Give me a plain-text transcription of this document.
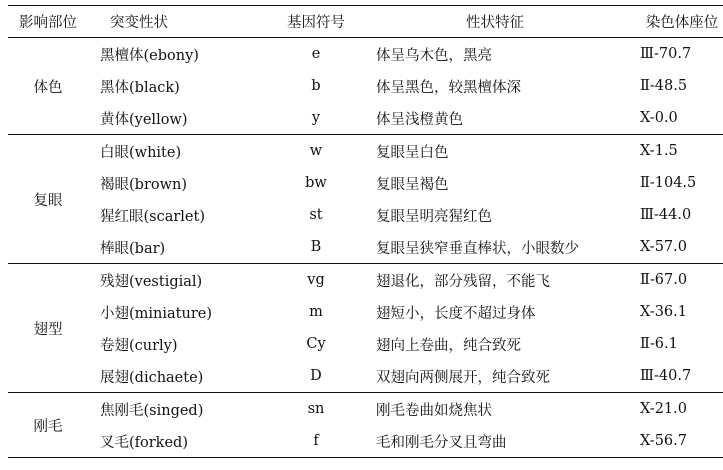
影响部位	突变性状	基因符号	性状特征	染色体座位
体色	黑檀体(ebony)	e	体呈乌木色，黑亮	Ⅲ-70.7
	黑体(black)	b	体呈黑色，较黑檀体深	Ⅱ-48.5
	黄体(yellow)	y	体呈浅橙黄色	X-0.0
复眼	白眼(white)	w	复眼呈白色	X-1.5
	褐眼(brown)	bw	复眼呈褐色	Ⅱ-104.5
	猩红眼(scarlet)	st	复眼呈明亮猩红色	Ⅲ-44.0
	棒眼(bar)	B	复眼呈狭窄垂直棒状，小眼数少	X-57.0
翅型	残翅(vestigial)	vg	翅退化，部分残留，不能飞	Ⅱ-67.0
	小翅(miniature)	m	翅短小，长度不超过身体	X-36.1
	卷翅(curly)	Cy	翅向上卷曲，纯合致死	Ⅱ-6.1
	展翅(dichaete)	D	双翅向两侧展开，纯合致死	Ⅲ-40.7
刚毛	焦刚毛(singed)	sn	刚毛卷曲如烧焦状	X-21.0
	叉毛(forked)	f	毛和刚毛分叉且弯曲	X-56.7
